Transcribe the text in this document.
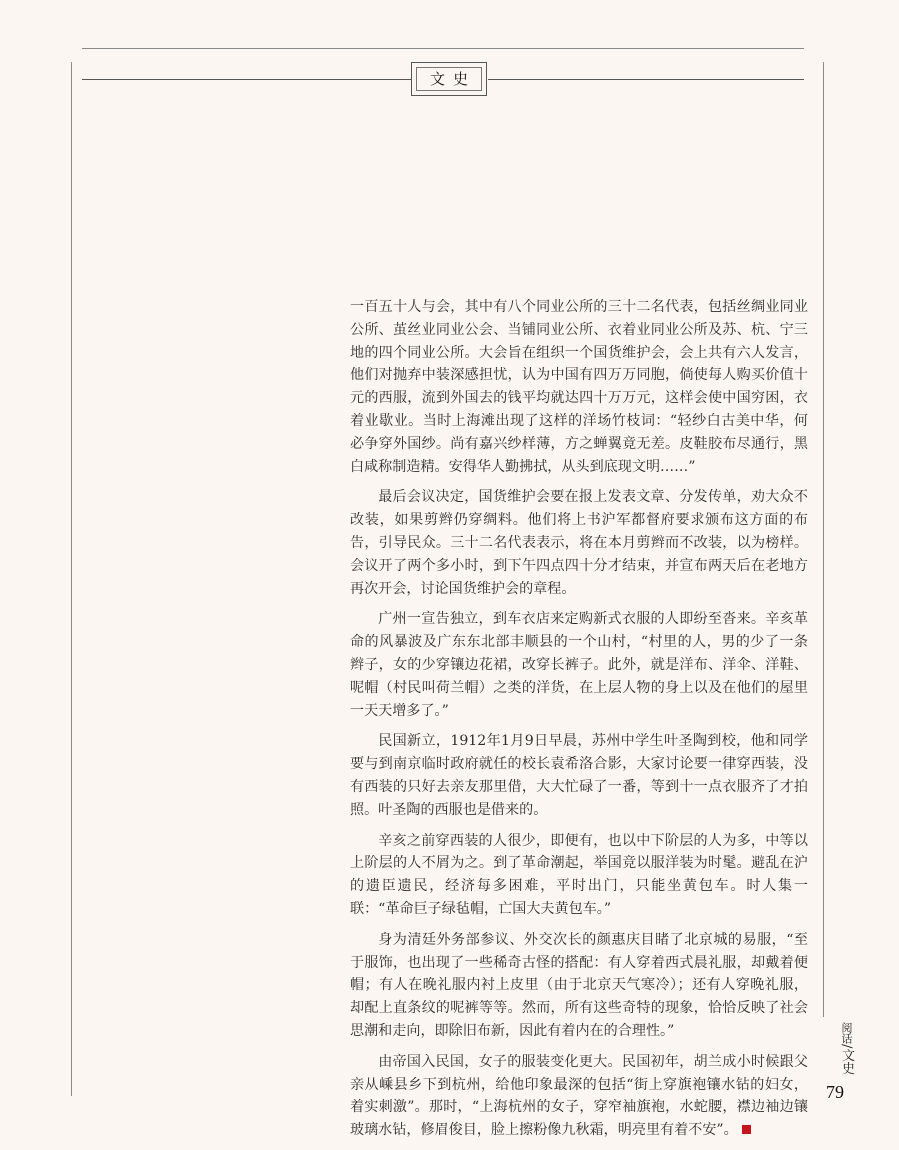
文史

一百五十人与会，其中有八个同业公所的三十二名代表，包括丝绸业同业公所、茧丝业同业公会、当铺同业公所、衣着业同业公所及苏、杭、宁三地的四个同业公所。大会旨在组织一个国货维护会，会上共有六人发言，他们对抛弃中装深感担忧，认为中国有四万万同胞，倘使每人购买价值十元的西服，流到外国去的钱平均就达四十万万元，这样会使中国穷困，衣着业歇业。当时上海滩出现了这样的洋场竹枝词：“轻纱白古美中华，何必争穿外国纱。尚有嘉兴纱样薄，方之蝉翼竟无差。皮鞋胶布尽通行，黑白咸称制造精。安得华人勤拂拭，从头到底现文明……”

最后会议决定，国货维护会要在报上发表文章、分发传单，劝大众不改装，如果剪辫仍穿绸料。他们将上书沪军都督府要求颁布这方面的布告，引导民众。三十二名代表表示，将在本月剪辫而不改装，以为榜样。会议开了两个多小时，到下午四点四十分才结束，并宣布两天后在老地方再次开会，讨论国货维护会的章程。

广州一宣告独立，到车衣店来定购新式衣服的人即纷至沓来。辛亥革命的风暴波及广东东北部丰顺县的一个山村，“村里的人，男的少了一条辫子，女的少穿镶边花裙，改穿长裤子。此外，就是洋布、洋伞、洋鞋、呢帽（村民叫荷兰帽）之类的洋货，在上层人物的身上以及在他们的屋里一天天增多了。”

民国新立，1912年1月9日早晨，苏州中学生叶圣陶到校，他和同学要与到南京临时政府就任的校长袁希洛合影，大家讨论要一律穿西装，没有西装的只好去亲友那里借，大大忙碌了一番，等到十一点衣服齐了才拍照。叶圣陶的西服也是借来的。

辛亥之前穿西装的人很少，即便有，也以中下阶层的人为多，中等以上阶层的人不屑为之。到了革命潮起，举国竞以服洋装为时髦。避乱在沪的遗臣遗民，经济每多困难，平时出门，只能坐黄包车。时人集一联：“革命巨子绿毡帽，亡国大夫黄包车。”

身为清廷外务部参议、外交次长的颜惠庆目睹了北京城的易服，“至于服饰，也出现了一些稀奇古怪的搭配：有人穿着西式晨礼服，却戴着便帽；有人在晚礼服内衬上皮里（由于北京天气寒冷）；还有人穿晚礼服，却配上直条纹的呢裤等等。然而，所有这些奇特的现象，恰恰反映了社会思潮和走向，即除旧布新，因此有着内在的合理性。”

由帝国入民国，女子的服装变化更大。民国初年，胡兰成小时候跟父亲从嵊县乡下到杭州，给他印象最深的包括“街上穿旗袍镶水钻的妇女，着实刺激”。那时，“上海杭州的女子，穿窄袖旗袍，水蛇腰，襟边袖边镶玻璃水钻，修眉俊目，脸上擦粉像九秋霜，明亮里有着不安”。

阅话/文史
79
